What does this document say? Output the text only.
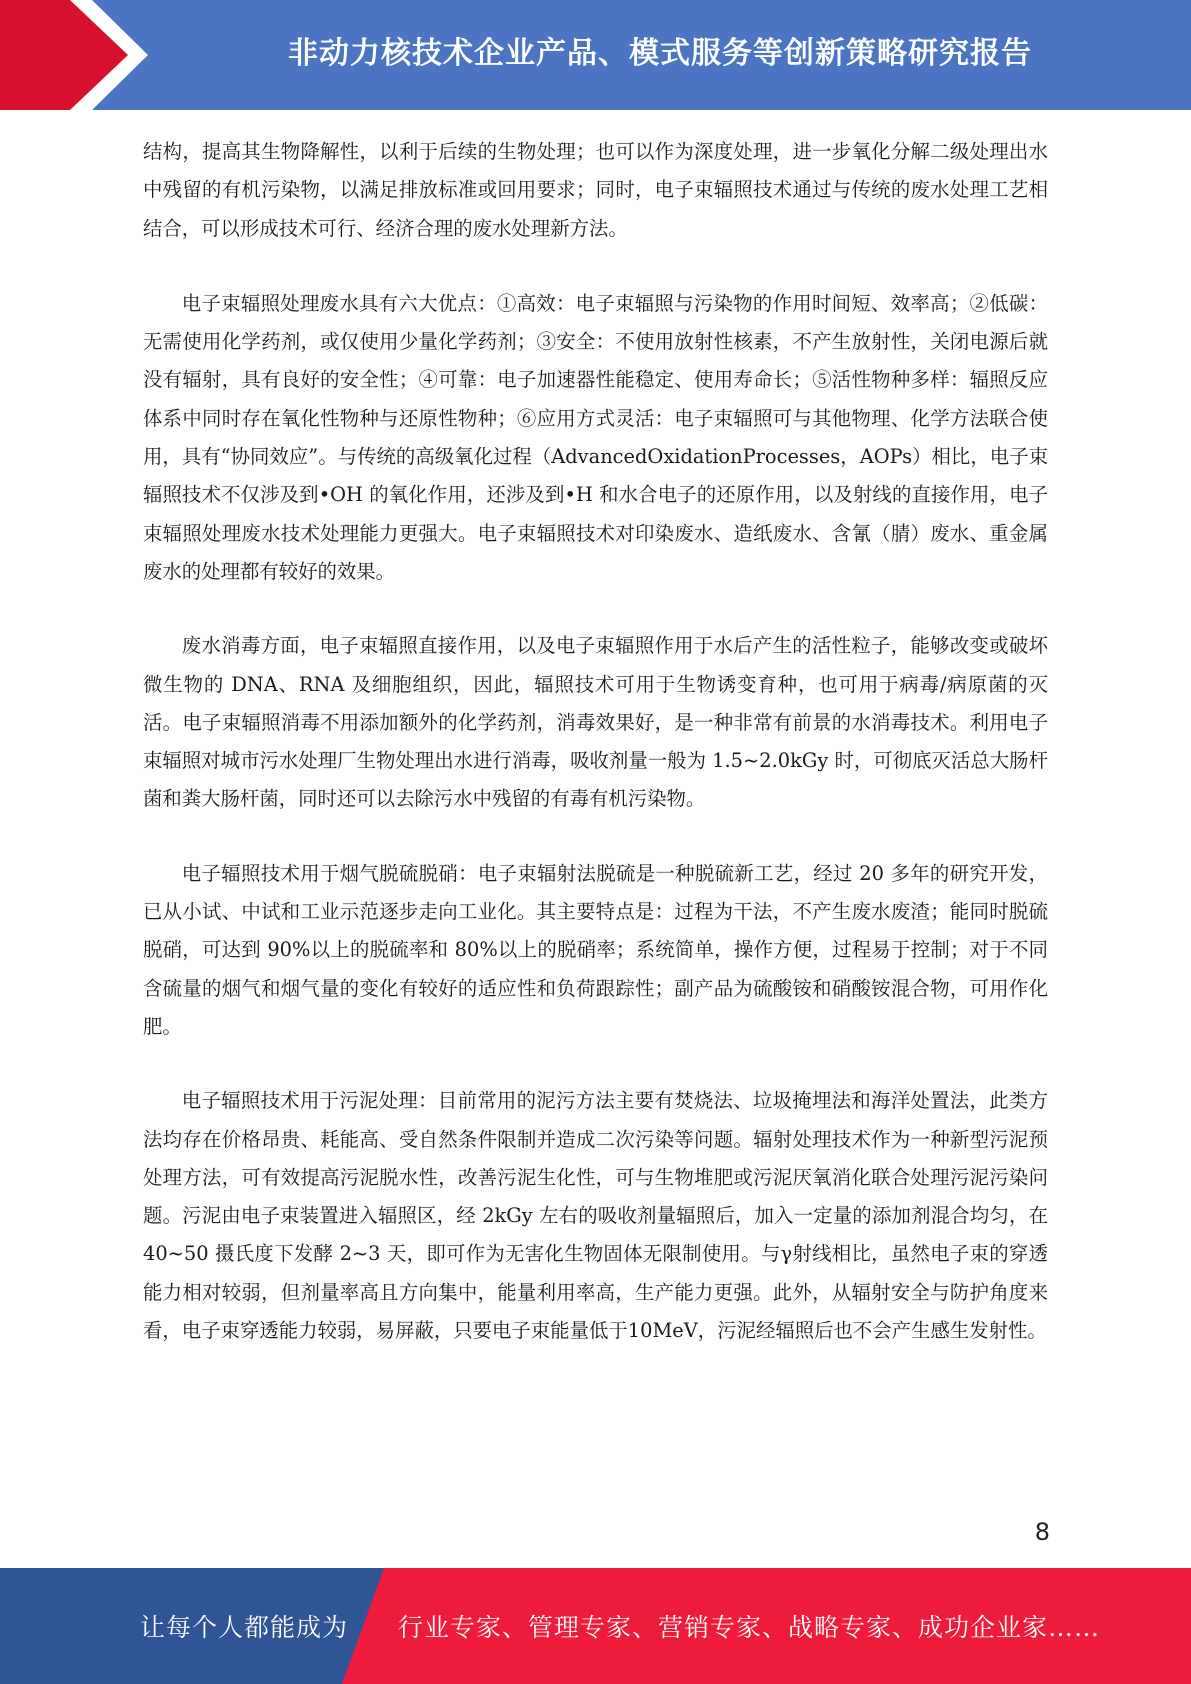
非动力核技术企业产品、模式服务等创新策略研究报告

结构，提高其生物降解性，以利于后续的生物处理；也可以作为深度处理，进一步氧化分解二级处理出水中残留的有机污染物，以满足排放标准或回用要求；同时，电子束辐照技术通过与传统的废水处理工艺相结合，可以形成技术可行、经济合理的废水处理新方法。

电子束辐照处理废水具有六大优点：①高效：电子束辐照与污染物的作用时间短、效率高；②低碳：无需使用化学药剂，或仅使用少量化学药剂；③安全：不使用放射性核素，不产生放射性，关闭电源后就没有辐射，具有良好的安全性；④可靠：电子加速器性能稳定、使用寿命长；⑤活性物种多样：辐照反应体系中同时存在氧化性物种与还原性物种；⑥应用方式灵活：电子束辐照可与其他物理、化学方法联合使用，具有“协同效应”。与传统的高级氧化过程（AdvancedOxidationProcesses，AOPs）相比，电子束辐照技术不仅涉及到•OH 的氧化作用，还涉及到•H 和水合电子的还原作用，以及射线的直接作用，电子束辐照处理废水技术处理能力更强大。电子束辐照技术对印染废水、造纸废水、含氰（腈）废水、重金属废水的处理都有较好的效果。

废水消毒方面，电子束辐照直接作用，以及电子束辐照作用于水后产生的活性粒子，能够改变或破坏微生物的 DNA、RNA 及细胞组织，因此，辐照技术可用于生物诱变育种，也可用于病毒/病原菌的灭活。电子束辐照消毒不用添加额外的化学药剂，消毒效果好，是一种非常有前景的水消毒技术。利用电子束辐照对城市污水处理厂生物处理出水进行消毒，吸收剂量一般为 1.5~2.0kGy 时，可彻底灭活总大肠杆菌和粪大肠杆菌，同时还可以去除污水中残留的有毒有机污染物。

电子辐照技术用于烟气脱硫脱硝：电子束辐射法脱硫是一种脱硫新工艺，经过 20 多年的研究开发，已从小试、中试和工业示范逐步走向工业化。其主要特点是：过程为干法，不产生废水废渣；能同时脱硫脱硝，可达到 90%以上的脱硫率和 80%以上的脱硝率；系统简单，操作方便，过程易于控制；对于不同含硫量的烟气和烟气量的变化有较好的适应性和负荷跟踪性；副产品为硫酸铵和硝酸铵混合物，可用作化肥。

电子辐照技术用于污泥处理：目前常用的泥污方法主要有焚烧法、垃圾掩埋法和海洋处置法，此类方法均存在价格昂贵、耗能高、受自然条件限制并造成二次污染等问题。辐射处理技术作为一种新型污泥预处理方法，可有效提高污泥脱水性，改善污泥生化性，可与生物堆肥或污泥厌氧消化联合处理污泥污染问题。污泥由电子束装置进入辐照区，经 2kGy 左右的吸收剂量辐照后，加入一定量的添加剂混合均匀，在 40~50 摄氏度下发酵 2~3 天，即可作为无害化生物固体无限制使用。与γ射线相比，虽然电子束的穿透能力相对较弱，但剂量率高且方向集中，能量利用率高，生产能力更强。此外，从辐射安全与防护角度来看，电子束穿透能力较弱，易屏蔽，只要电子束能量低于10MeV，污泥经辐照后也不会产生感生发射性。

8
让每个人都能成为 行业专家、管理专家、营销专家、战略专家、成功企业家……
